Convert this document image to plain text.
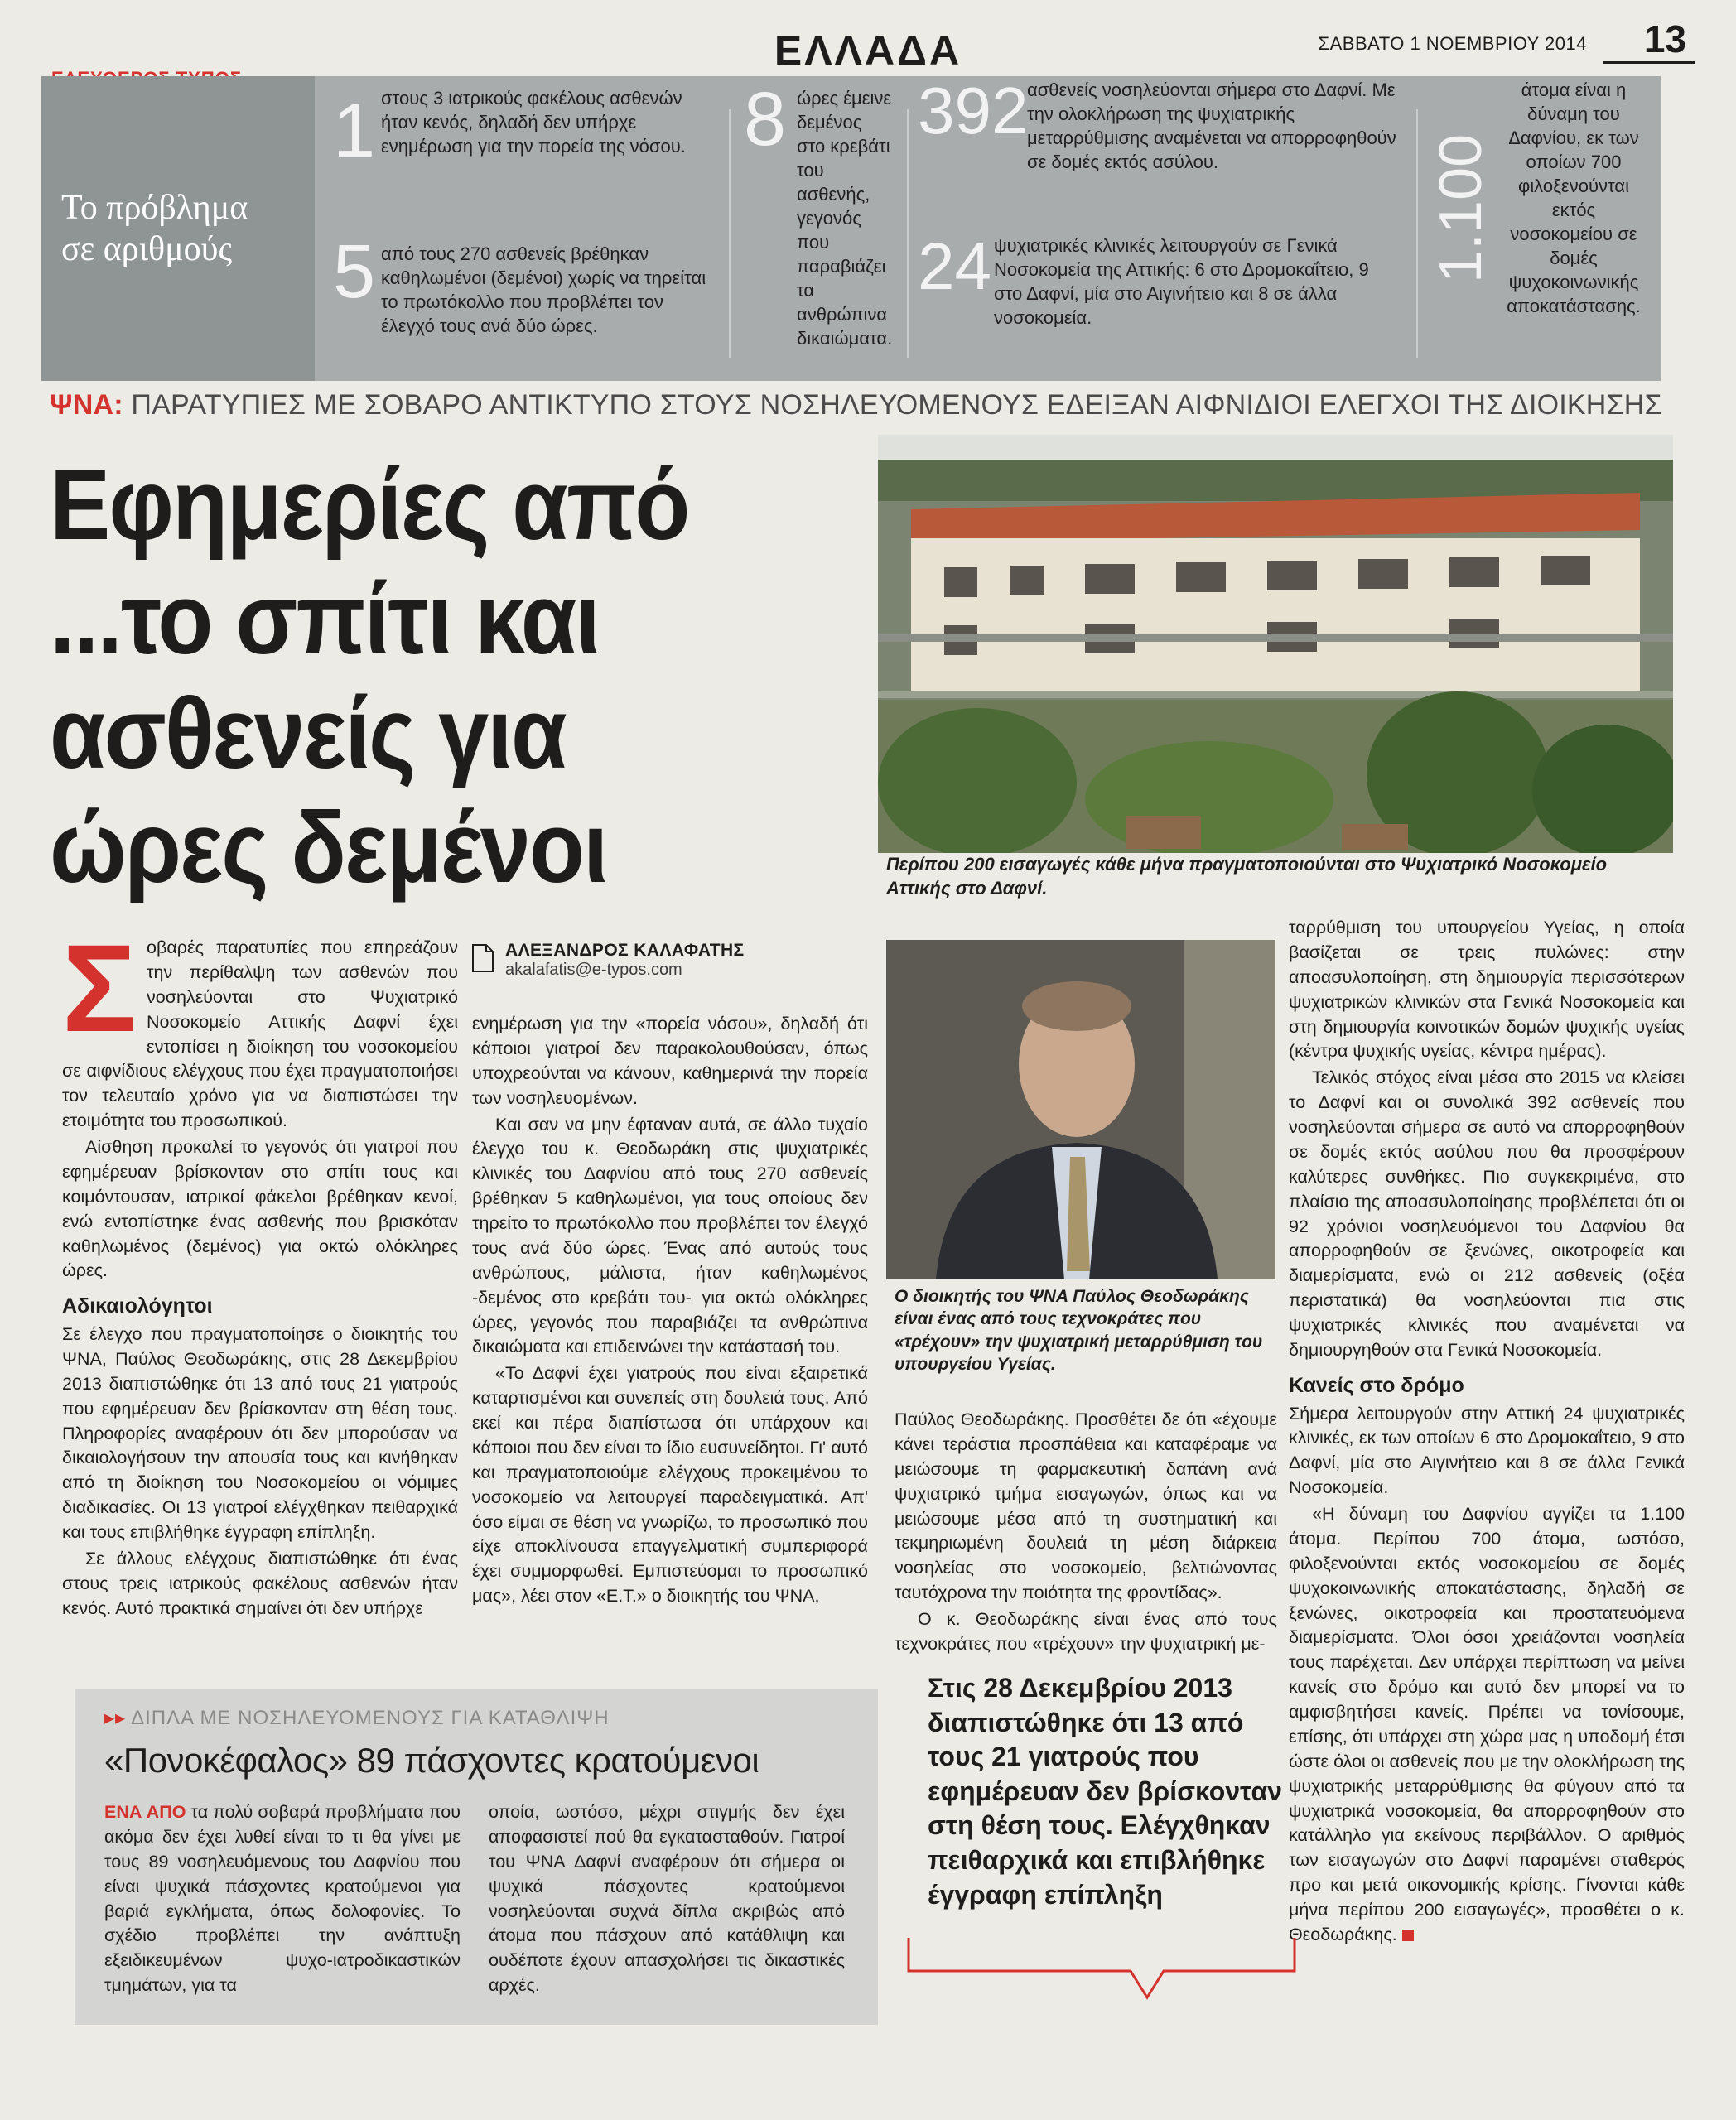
ΕΛΛΑΔΑ	ΣΑΒΒΑΤΟ 1 ΝΟΕΜΒΡΙΟΥ 2014 13
Το πρόβλημα
σε αριθμούς
1 στους 3 ιατρικούς φακέλους ασθενών ήταν κενός, δηλαδή δεν υπήρχε ενημέρωση για την πορεία της νόσου.
5 από τους 270 ασθενείς βρέθηκαν καθηλωμένοι (δεμένοι) χωρίς να τηρείται το πρωτόκολλο που προβλέπει τον έλεγχό τους ανά δύο ώρες.
8 ώρες έμεινε δεμένος στο κρεβάτι του ασθενής, γεγονός που παραβιάζει τα ανθρώπινα δικαιώματα.
392
ασθενείς νοσηλεύονται σήμερα στο Δαφνί. Με την ολοκλήρωση της ψυχιατρικής μεταρρύθμισης αναμένεται να απορροφηθούν σε δομές εκτός ασύλου.
24 ψυχιατρικές κλινικές λειτουργούν σε Γενικά Νοσοκομεία της Αττικής: 6 στο Δρομοκαΐτειο, 9 στο Δαφνί, μία στο Αιγινήτειο και 8 σε άλλα νοσοκομεία.
1.100
άτομα είναι η δύναμη του Δαφνίου, εκ των οποίων 700 φιλοξενούνται εκτός νοσοκομείου σε δομές ψυχοκοινωνικής αποκατάστασης.
ΨΝΑ: ΠΑΡΑΤΥΠΙΕΣ ΜΕ ΣΟΒΑΡΟ ΑΝΤΙΚΤΥΠΟ ΣΤΟΥΣ ΝΟΣΗΛΕΥΟΜΕΝΟΥΣ ΕΔΕΙΞΑΝ ΑΙΦΝΙΔΙΟΙ ΕΛΕΓΧΟΙ ΤΗΣ ΔΙΟΙΚΗΣΗΣ
Εφημερίες από
...το σπίτι και
ασθενείς για
ώρες δεμένοι	Περίπου 200 εισαγωγές κάθε μήνα πραγματοποιούνται στο Ψυχιατρικό Νοσοκομείο Αττικής στο Δαφνί.
Σ οβαρές παρατυπίες που επηρεάζουν την περίθαλψη των ασθενών που νοσηλεύονται στο Ψυχιατρικό Νοσοκομείο Αττικής Δαφνί έχει εντοπίσει η διοίκηση του νοσοκομείου σε αιφνίδιους ελέγχους που έχει πραγματοποιήσει τον τελευταίο χρόνο για να διαπιστώσει την ετοιμότητα του προσωπικού.

Αίσθηση προκαλεί το γεγονός ότι γιατροί που εφημέρευαν βρίσκονταν στο σπίτι τους και κοιμόντουσαν, ιατρικοί φάκελοι βρέθηκαν κενοί, ενώ εντοπίστηκε ένας ασθενής που βρισκόταν καθηλωμένος (δεμένος) για οκτώ ολόκληρες ώρες.

Αδικαιολόγητοι

Σε έλεγχο που πραγματοποίησε ο διοικητής του ΨΝΑ, Παύλος Θεοδωράκης, στις 28 Δεκεμβρίου 2013 διαπιστώθηκε ότι 13 από τους 21 γιατρούς που εφημέρευαν δεν βρίσκονταν στη θέση τους. Πληροφορίες αναφέρουν ότι δεν μπορούσαν να δικαιολογήσουν την απουσία τους και κινήθηκαν από τη διοίκηση του Νοσοκομείου οι νόμιμες διαδικασίες. Οι 13 γιατροί ελέγχθηκαν πειθαρχικά και τους επιβλήθηκε έγγραφη επίπληξη.

Σε άλλους ελέγχους διαπιστώθηκε ότι ένας στους τρεις ιατρικούς φακέλους ασθενών ήταν κενός. Αυτό πρακτικά σημαίνει ότι δεν υπήρχε

ΑΛΕΞΑΝΔΡΟΣ ΚΑΛΑΦΑΤΗΣ
akalafatis@e-typos.com

ενημέρωση για την «πορεία νόσου», δηλαδή ότι κάποιοι γιατροί δεν παρακολουθούσαν, όπως υποχρεούνται να κάνουν, καθημερινά την πορεία των νοσηλευομένων.

Και σαν να μην έφταναν αυτά, σε άλλο τυχαίο έλεγχο του κ. Θεοδωράκη στις ψυχιατρικές κλινικές του Δαφνίου από τους 270 ασθενείς βρέθηκαν 5 καθηλωμένοι, για τους οποίους δεν τηρείτο το πρωτόκολλο που προβλέπει τον έλεγχό τους ανά δύο ώρες. Ένας από αυτούς τους ανθρώπους, μάλιστα, ήταν καθηλωμένος -δεμένος στο κρεβάτι του- για οκτώ ολόκληρες ώρες, γεγονός που παραβιάζει τα ανθρώπινα δικαιώματα και επιδεινώνει την κατάστασή του.

«Το Δαφνί έχει γιατρούς που είναι εξαιρετικά καταρτισμένοι και συνεπείς στη δουλειά τους. Από εκεί και πέρα διαπίστωσα ότι υπάρχουν και κάποιοι που δεν είναι το ίδιο ευσυνείδητοι. Γι' αυτό και πραγματοποιούμε ελέγχους προκειμένου το νοσοκομείο να λειτουργεί παραδειγματικά. Απ' όσο είμαι σε θέση να γνωρίζω, το προσωπικό που είχε αποκλίνουσα επαγγελματική συμπεριφορά έχει συμμορφωθεί. Εμπιστεύομαι το προσωπικό μας», λέει στον «Ε.Τ.» ο διοικητής του ΨΝΑ,

Ο διοικητής του ΨΝΑ Παύλος Θεοδωράκης είναι ένας από τους τεχνοκράτες που «τρέχουν» την ψυχιατρική μεταρρύθμιση του υπουργείου Υγείας.

Παύλος Θεοδωράκης. Προσθέτει δε ότι «έχουμε κάνει τεράστια προσπάθεια και καταφέραμε να μειώσουμε τη φαρμακευτική δαπάνη ανά ψυχιατρικό τμήμα εισαγωγών, όπως και να μειώσουμε μέσα από τη συστηματική και τεκμηριωμένη δουλειά τη μέση διάρκεια νοσηλείας στο νοσοκομείο, βελτιώνοντας ταυτόχρονα την ποιότητα της φροντίδας».

Ο κ. Θεοδωράκης είναι ένας από τους τεχνοκράτες που «τρέχουν» την ψυχιατρική με-

ταρρύθμιση του υπουργείου Υγείας, η οποία βασίζεται σε τρεις πυλώνες: στην αποασυλοποίηση, στη δημιουργία περισσότερων ψυχιατρικών κλινικών στα Γενικά Νοσοκομεία και στη δημιουργία κοινοτικών δομών ψυχικής υγείας (κέντρα ψυχικής υγείας, κέντρα ημέρας).

Τελικός στόχος είναι μέσα στο 2015 να κλείσει το Δαφνί και οι συνολικά 392 ασθενείς που νοσηλεύονται σήμερα σε αυτό να απορροφηθούν σε δομές εκτός ασύλου που θα προσφέρουν καλύτερες συνθήκες. Πιο συγκεκριμένα, στο πλαίσιο της αποασυλοποίησης προβλέπεται ότι οι 92 χρόνιοι νοσηλευόμενοι του Δαφνίου θα απορροφηθούν σε ξενώνες, οικοτροφεία και διαμερίσματα, ενώ οι 212 ασθενείς (οξέα περιστατικά) θα νοσηλεύονται πια στις ψυχιατρικές κλινικές που αναμένεται να δημιουργηθούν στα Γενικά Νοσοκομεία.

Κανείς στο δρόμο

Σήμερα λειτουργούν στην Αττική 24 ψυχιατρικές κλινικές, εκ των οποίων 6 στο Δρομοκαΐτειο, 9 στο Δαφνί, μία στο Αιγινήτειο και 8 σε άλλα Γενικά Νοσοκομεία.

«Η δύναμη του Δαφνίου αγγίζει τα 1.100 άτομα. Περίπου 700 άτομα, ωστόσο, φιλοξενούνται εκτός νοσοκομείου σε δομές ψυχοκοινωνικής αποκατάστασης, δηλαδή σε ξενώνες, οικοτροφεία και προστατευόμενα διαμερίσματα. Όλοι όσοι χρειάζονται νοσηλεία τους παρέχεται. Δεν υπάρχει περίπτωση να μείνει κανείς στο δρόμο και αυτό δεν μπορεί να το αμφισβητήσει κανείς. Πρέπει να τονίσουμε, επίσης, ότι υπάρχει στη χώρα μας η υποδομή έτσι ώστε όλοι οι ασθενείς που με την ολοκλήρωση της ψυχιατρικής μεταρρύθμισης θα φύγουν από τα ψυχιατρικά νοσοκομεία, θα απορροφηθούν στο κατάλληλο για εκείνους περιβάλλον. Ο αριθμός των εισαγωγών στο Δαφνί παραμένει σταθερός προ και μετά οικονομικής κρίσης. Γίνονται κάθε μήνα περίπου 200 εισαγωγές», προσθέτει ο κ. Θεοδωράκης.

▸▸ ΔΙΠΛΑ ΜΕ ΝΟΣΗΛΕΥΟΜΕΝΟΥΣ ΓΙΑ ΚΑΤΑΘΛΙΨΗ
«Πονοκέφαλος» 89 πάσχοντες κρατούμενοι

ΕΝΑ ΑΠΟ τα πολύ σοβαρά προβλήματα που ακόμα δεν έχει λυθεί είναι το τι θα γίνει με τους 89 νοσηλευόμενους του Δαφνίου που είναι ψυχικά πάσχοντες κρατούμενοι για βαριά εγκλήματα, όπως δολοφονίες. Το σχέδιο προβλέπει την ανάπτυξη εξειδικευμένων ψυχο-ιατροδικαστικών τμημάτων, για τα

οποία, ωστόσο, μέχρι στιγμής δεν έχει αποφασιστεί πού θα εγκατασταθούν. Γιατροί του ΨΝΑ Δαφνί αναφέρουν ότι σήμερα οι ψυχικά πάσχοντες κρατούμενοι νοσηλεύονται συχνά δίπλα ακριβώς από άτομα που πάσχουν από κατάθλιψη και ουδέποτε έχουν απασχολήσει τις δικαστικές αρχές.

Στις 28 Δεκεμβρίου 2013 διαπιστώθηκε ότι 13 από τους 21 γιατρούς που εφημέρευαν δεν βρίσκονταν στη θέση τους. Ελέγχθηκαν πειθαρχικά και επιβλήθηκε έγγραφη επίπληξη
